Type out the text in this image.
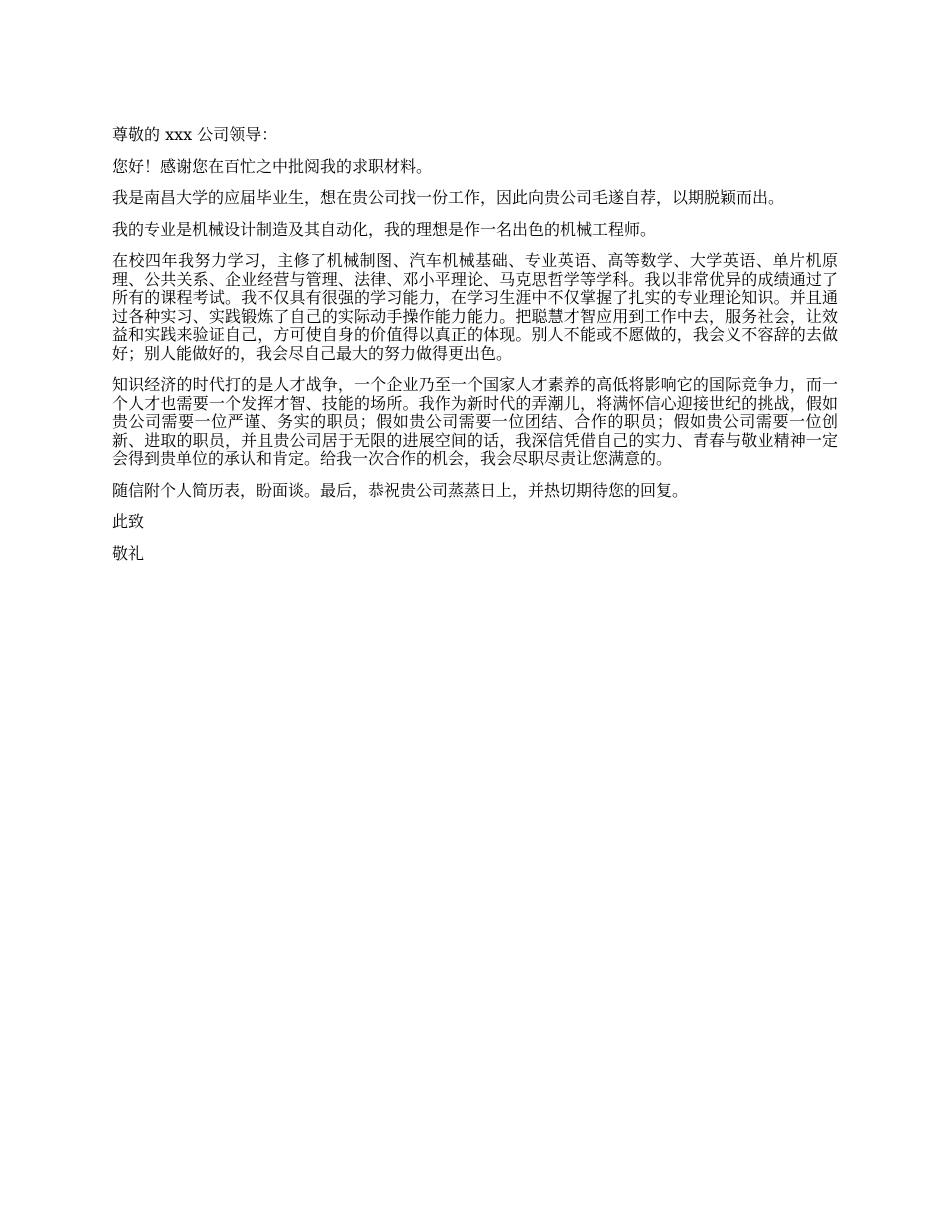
尊敬的 xxx 公司领导：

您好！感谢您在百忙之中批阅我的求职材料。

我是南昌大学的应届毕业生，想在贵公司找一份工作，因此向贵公司毛遂自荐，以期脱颖而出。

我的专业是机械设计制造及其自动化，我的理想是作一名出色的机械工程师。

在校四年我努力学习，主修了机械制图、汽车机械基础、专业英语、高等数学、大学英语、单片机原理、公共关系、企业经营与管理、法律、邓小平理论、马克思哲学等学科。我以非常优异的成绩通过了所有的课程考试。我不仅具有很强的学习能力，在学习生涯中不仅掌握了扎实的专业理论知识。并且通过各种实习、实践锻炼了自己的实际动手操作能力能力。把聪慧才智应用到工作中去，服务社会，让效益和实践来验证自己，方可使自身的价值得以真正的体现。别人不能或不愿做的，我会义不容辞的去做好；别人能做好的，我会尽自己最大的努力做得更出色。

知识经济的时代打的是人才战争，一个企业乃至一个国家人才素养的高低将影响它的国际竞争力，而一个人才也需要一个发挥才智、技能的场所。我作为新时代的弄潮儿，将满怀信心迎接世纪的挑战，假如贵公司需要一位严谨、务实的职员；假如贵公司需要一位团结、合作的职员；假如贵公司需要一位创新、进取的职员，并且贵公司居于无限的进展空间的话，我深信凭借自己的实力、青春与敬业精神一定会得到贵单位的承认和肯定。给我一次合作的机会，我会尽职尽责让您满意的。

随信附个人简历表，盼面谈。最后，恭祝贵公司蒸蒸日上，并热切期待您的回复。

此致

敬礼
